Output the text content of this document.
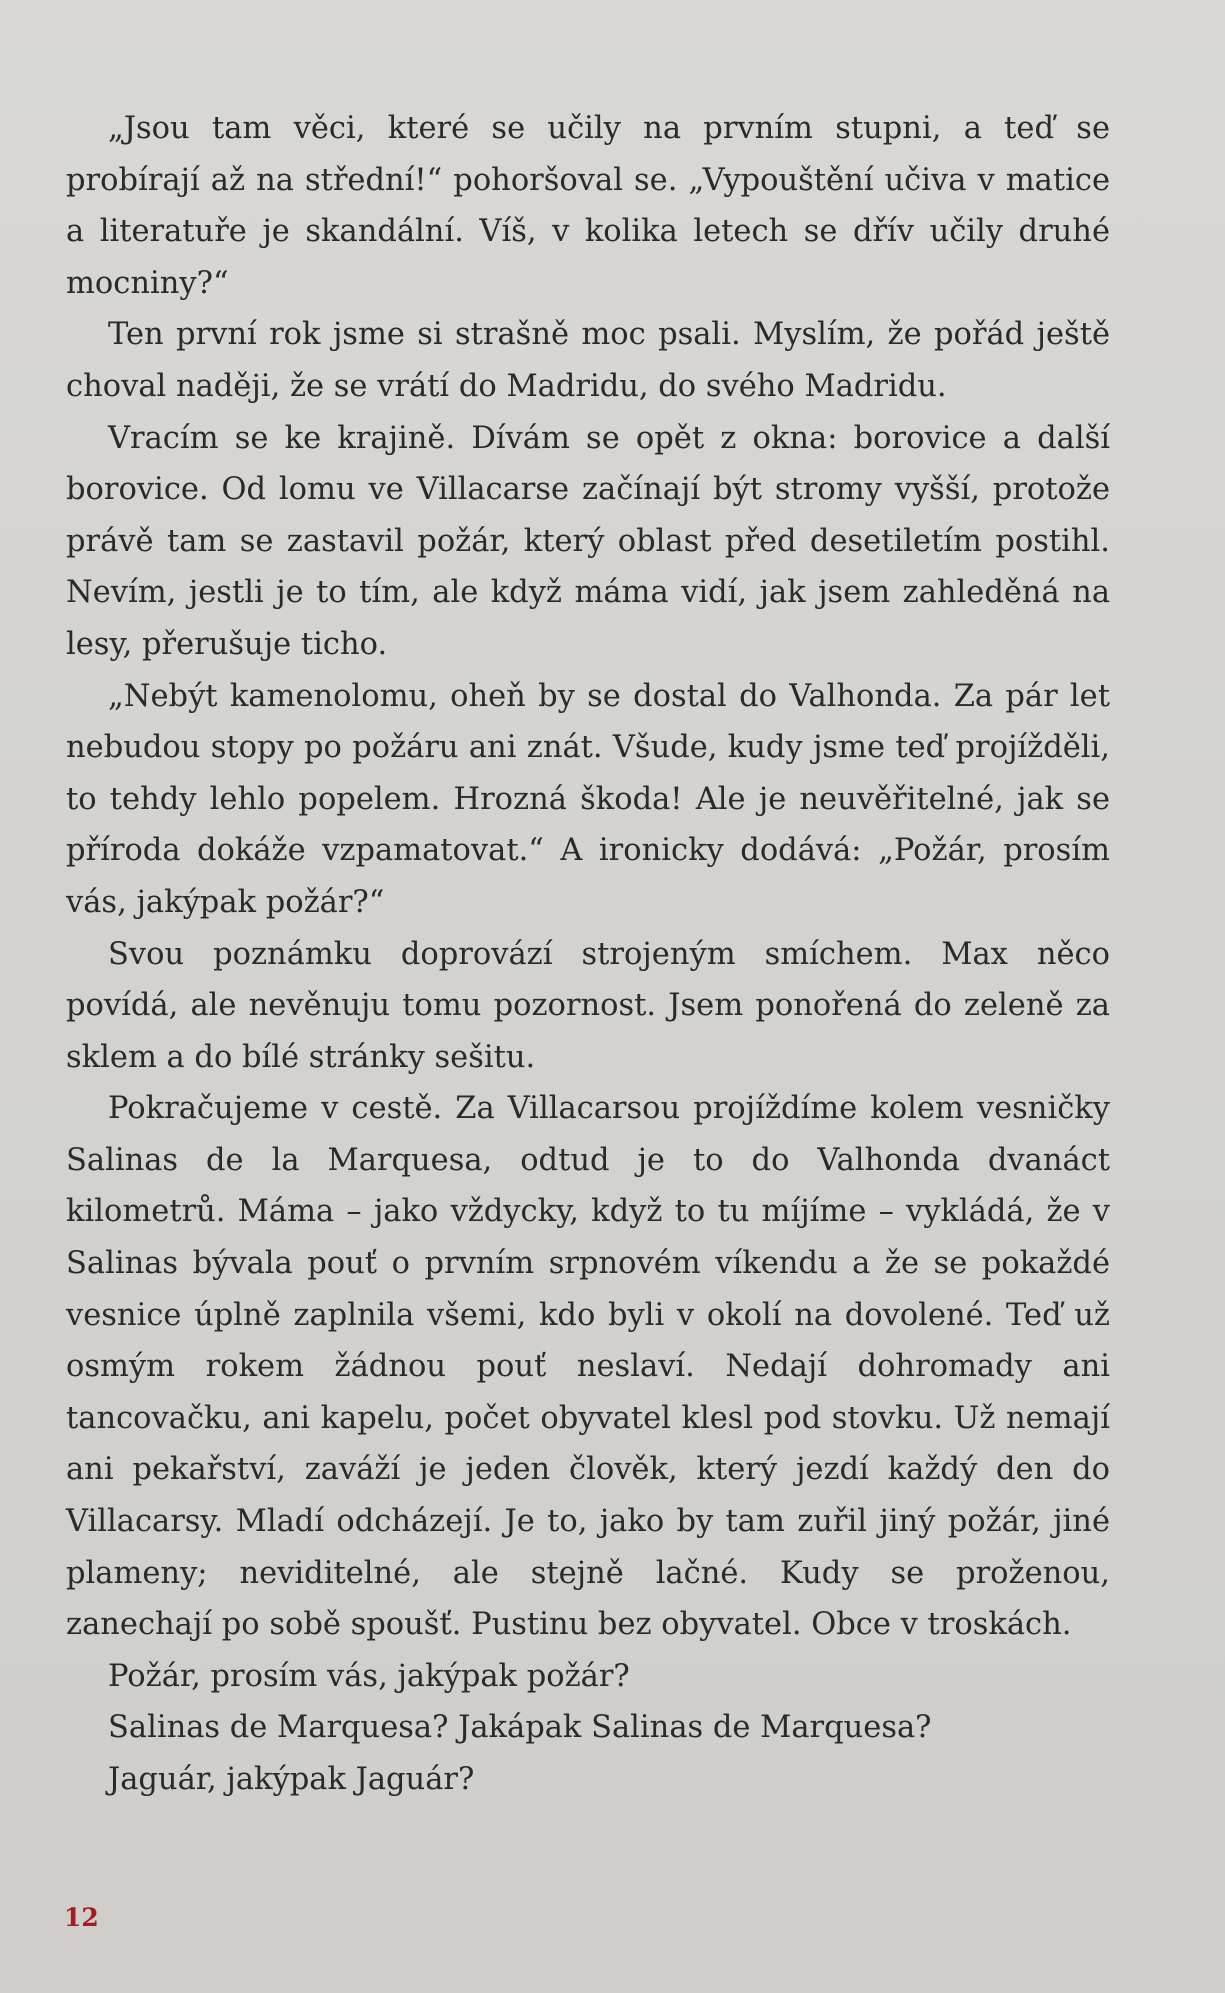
„Jsou tam věci, které se učily na prvním stupni, a teď se probírají až na střední!“ pohoršoval se. „Vypouštění učiva v matice a literatuře je skandální. Víš, v kolika letech se dřív učily druhé mocniny?“

Ten první rok jsme si strašně moc psali. Myslím, že pořád ještě choval naději, že se vrátí do Madridu, do svého Madridu.

Vracím se ke krajině. Dívám se opět z okna: borovice a další borovice. Od lomu ve Villacarse začínají být stromy vyšší, protože právě tam se zastavil požár, který oblast před desetiletím postihl. Nevím, jestli je to tím, ale když máma vidí, jak jsem zahleděná na lesy, přerušuje ticho.

„Nebýt kamenolomu, oheň by se dostal do Valhonda. Za pár let nebudou stopy po požáru ani znát. Všude, kudy jsme teď projížděli, to tehdy lehlo popelem. Hrozná škoda! Ale je neuvěřitelné, jak se příroda dokáže vzpamatovat.“ A ironicky dodává: „Požár, prosím vás, jakýpak požár?“

Svou poznámku doprovází strojeným smíchem. Max něco povídá, ale nevěnuju tomu pozornost. Jsem ponořená do zeleně za sklem a do bílé stránky sešitu.

Pokračujeme v cestě. Za Villacarsou projíždíme kolem vesničky Salinas de la Marquesa, odtud je to do Valhonda dvanáct kilometrů. Máma – jako vždycky, když to tu míjíme – vykládá, že v Salinas bývala pouť o prvním srpnovém víkendu a že se pokaždé vesnice úplně zaplnila všemi, kdo byli v okolí na dovolené. Teď už osmým rokem žádnou pouť neslaví. Nedají dohromady ani tancovačku, ani kapelu, počet obyvatel klesl pod stovku. Už nemají ani pekařství, zaváží je jeden člověk, který jezdí každý den do Villacarsy. Mladí odcházejí. Je to, jako by tam zuřil jiný požár, jiné plameny; neviditelné, ale stejně lačné. Kudy se proženou, zanechají po sobě spoušť. Pustinu bez obyvatel. Obce v troskách.

Požár, prosím vás, jakýpak požár?

Salinas de Marquesa? Jakápak Salinas de Marquesa?

Jaguár, jakýpak Jaguár?

12
